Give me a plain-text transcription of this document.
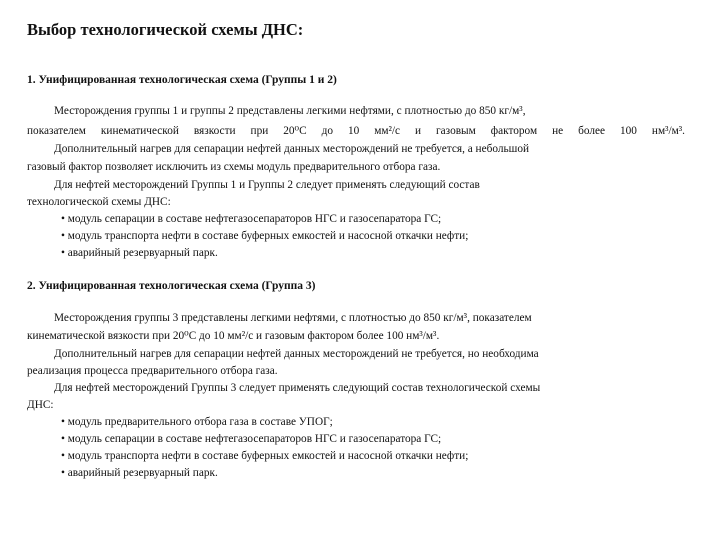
Выбор технологической схемы ДНС:
1. Унифицированная технологическая схема (Группы 1 и 2)
Месторождения группы 1 и группы 2 представлены легкими нефтями, с плотностью до 850 кг/м³,
показателем кинематической вязкости при 20⁰С до 10 мм²/с и газовым фактором не более 100 нм³/м³.
Дополнительный нагрев для сепарации нефтей данных месторождений не требуется, а небольшой
газовый фактор позволяет исключить из схемы модуль предварительного отбора газа.
Для нефтей месторождений Группы 1 и Группы 2 следует применять следующий состав
технологической схемы ДНС:
• модуль сепарации в составе нефтегазосепараторов НГС и газосепаратора ГС;
• модуль транспорта нефти в составе буферных емкостей и насосной откачки нефти;
• аварийный резервуарный парк.
2. Унифицированная технологическая схема (Группа 3)
Месторождения группы 3 представлены легкими нефтями, с плотностью до 850 кг/м³, показателем
кинематической вязкости при 20⁰С до 10 мм²/с и газовым фактором более 100 нм³/м³.
Дополнительный нагрев для сепарации нефтей данных месторождений не требуется, но необходима
реализация процесса предварительного отбора газа.
Для нефтей месторождений Группы 3 следует применять следующий состав технологической схемы
ДНС:
• модуль предварительного отбора газа в составе УПОГ;
• модуль сепарации в составе нефтегазосепараторов НГС и газосепаратора ГС;
• модуль транспорта нефти в составе буферных емкостей и насосной откачки нефти;
• аварийный резервуарный парк.
